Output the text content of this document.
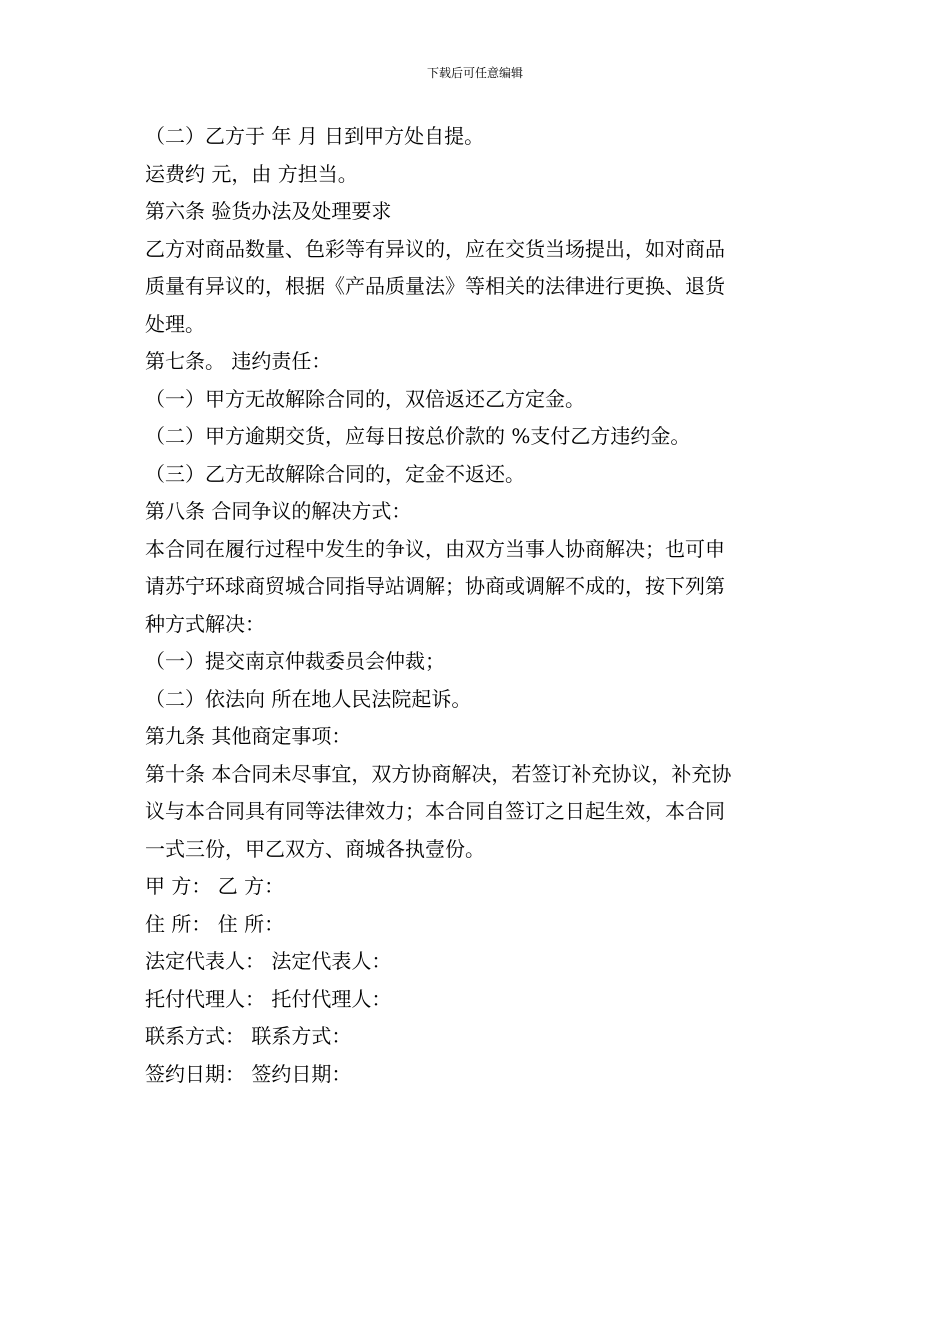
下载后可任意编辑
（二）乙方于 年 月 日到甲方处自提。
运费约 元，由 方担当。
第六条 验货办法及处理要求
乙方对商品数量、色彩等有异议的，应在交货当场提出，如对商品
质量有异议的，根据《产品质量法》等相关的法律进行更换、退货
处理。
第七条。 违约责任：
（一）甲方无故解除合同的，双倍返还乙方定金。
（二）甲方逾期交货，应每日按总价款的 %支付乙方违约金。
（三）乙方无故解除合同的，定金不返还。
第八条 合同争议的解决方式：
本合同在履行过程中发生的争议，由双方当事人协商解决；也可申
请苏宁环球商贸城合同指导站调解；协商或调解不成的，按下列第
种方式解决：
（一）提交南京仲裁委员会仲裁；
（二）依法向 所在地人民法院起诉。
第九条 其他商定事项：
第十条 本合同未尽事宜，双方协商解决，若签订补充协议，补充协
议与本合同具有同等法律效力；本合同自签订之日起生效，本合同
一式三份，甲乙双方、商城各执壹份。
甲 方： 乙 方：
住 所： 住 所：
法定代表人： 法定代表人：
托付代理人： 托付代理人：
联系方式： 联系方式：
签约日期： 签约日期：
